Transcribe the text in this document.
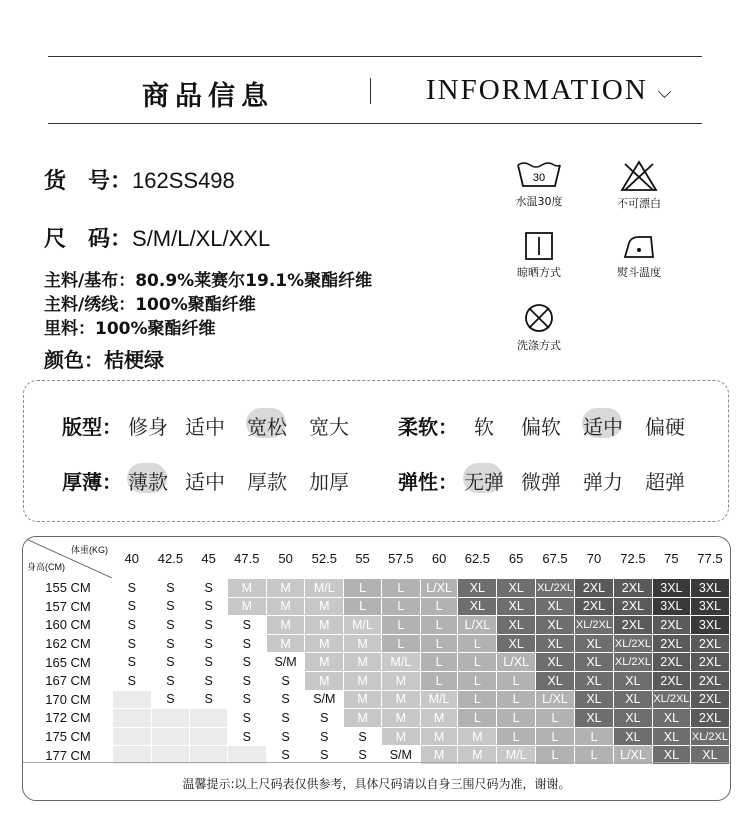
商品信息	INFORMATION ⌵
货　号：162SS498
尺　码：S/M/L/XL/XXL
主料/基布：80.9%莱赛尔19.1%聚酯纤维
主料/绣线：100%聚酯纤维
里料：100%聚酯纤维
颜色：桔梗绿
30
水温30度	不可漂白
晾晒方式	熨斗温度
洗涤方式
版型： 修身 适中 宽松 宽大 柔软： 软 偏软 适中 偏硬
厚薄： 薄款 适中 厚款 加厚 弹性： 无弹 微弹 弹力 超弹
体重(KG)
身高(CM)	40	42.5	45	47.5	50	52.5	55	57.5	60	62.5	65	67.5	70	72.5	75	77.5
155 CM	S	S	S	M	M	M/L	L	L	L/XL	XL	XL	XL/2XL	2XL	2XL	3XL	3XL
157 CM	S	S	S	M	M	M	L	L	L	XL	XL	XL	2XL	2XL	3XL	3XL
160 CM	S	S	S	S	M	M	M/L	L	L	L/XL	XL	XL	XL/2XL	2XL	2XL	3XL
162 CM	S	S	S	S	M	M	M	L	L	L	XL	XL	XL	XL/2XL	2XL	2XL
165 CM	S	S	S	S	S/M	M	M	M/L	L	L	L/XL	XL	XL	XL/2XL	2XL	2XL
167 CM	S	S	S	S	S	M	M	M	L	L	L	XL	XL	XL	2XL	2XL
170 CM		S	S	S	S	S/M	M	M	M/L	L	L	L/XL	XL	XL	XL/2XL	2XL
172 CM				S	S	S	M	M	M	L	L	L	XL	XL	XL	2XL
175 CM				S	S	S	S	M	M	M	L	L	L	XL	XL	XL/2XL
177 CM					S	S	S	S/M	M	M	M/L	L	L	L/XL	XL	XL
温馨提示:以上尺码表仅供参考，具体尺码请以自身三围尺码为准，谢谢。
